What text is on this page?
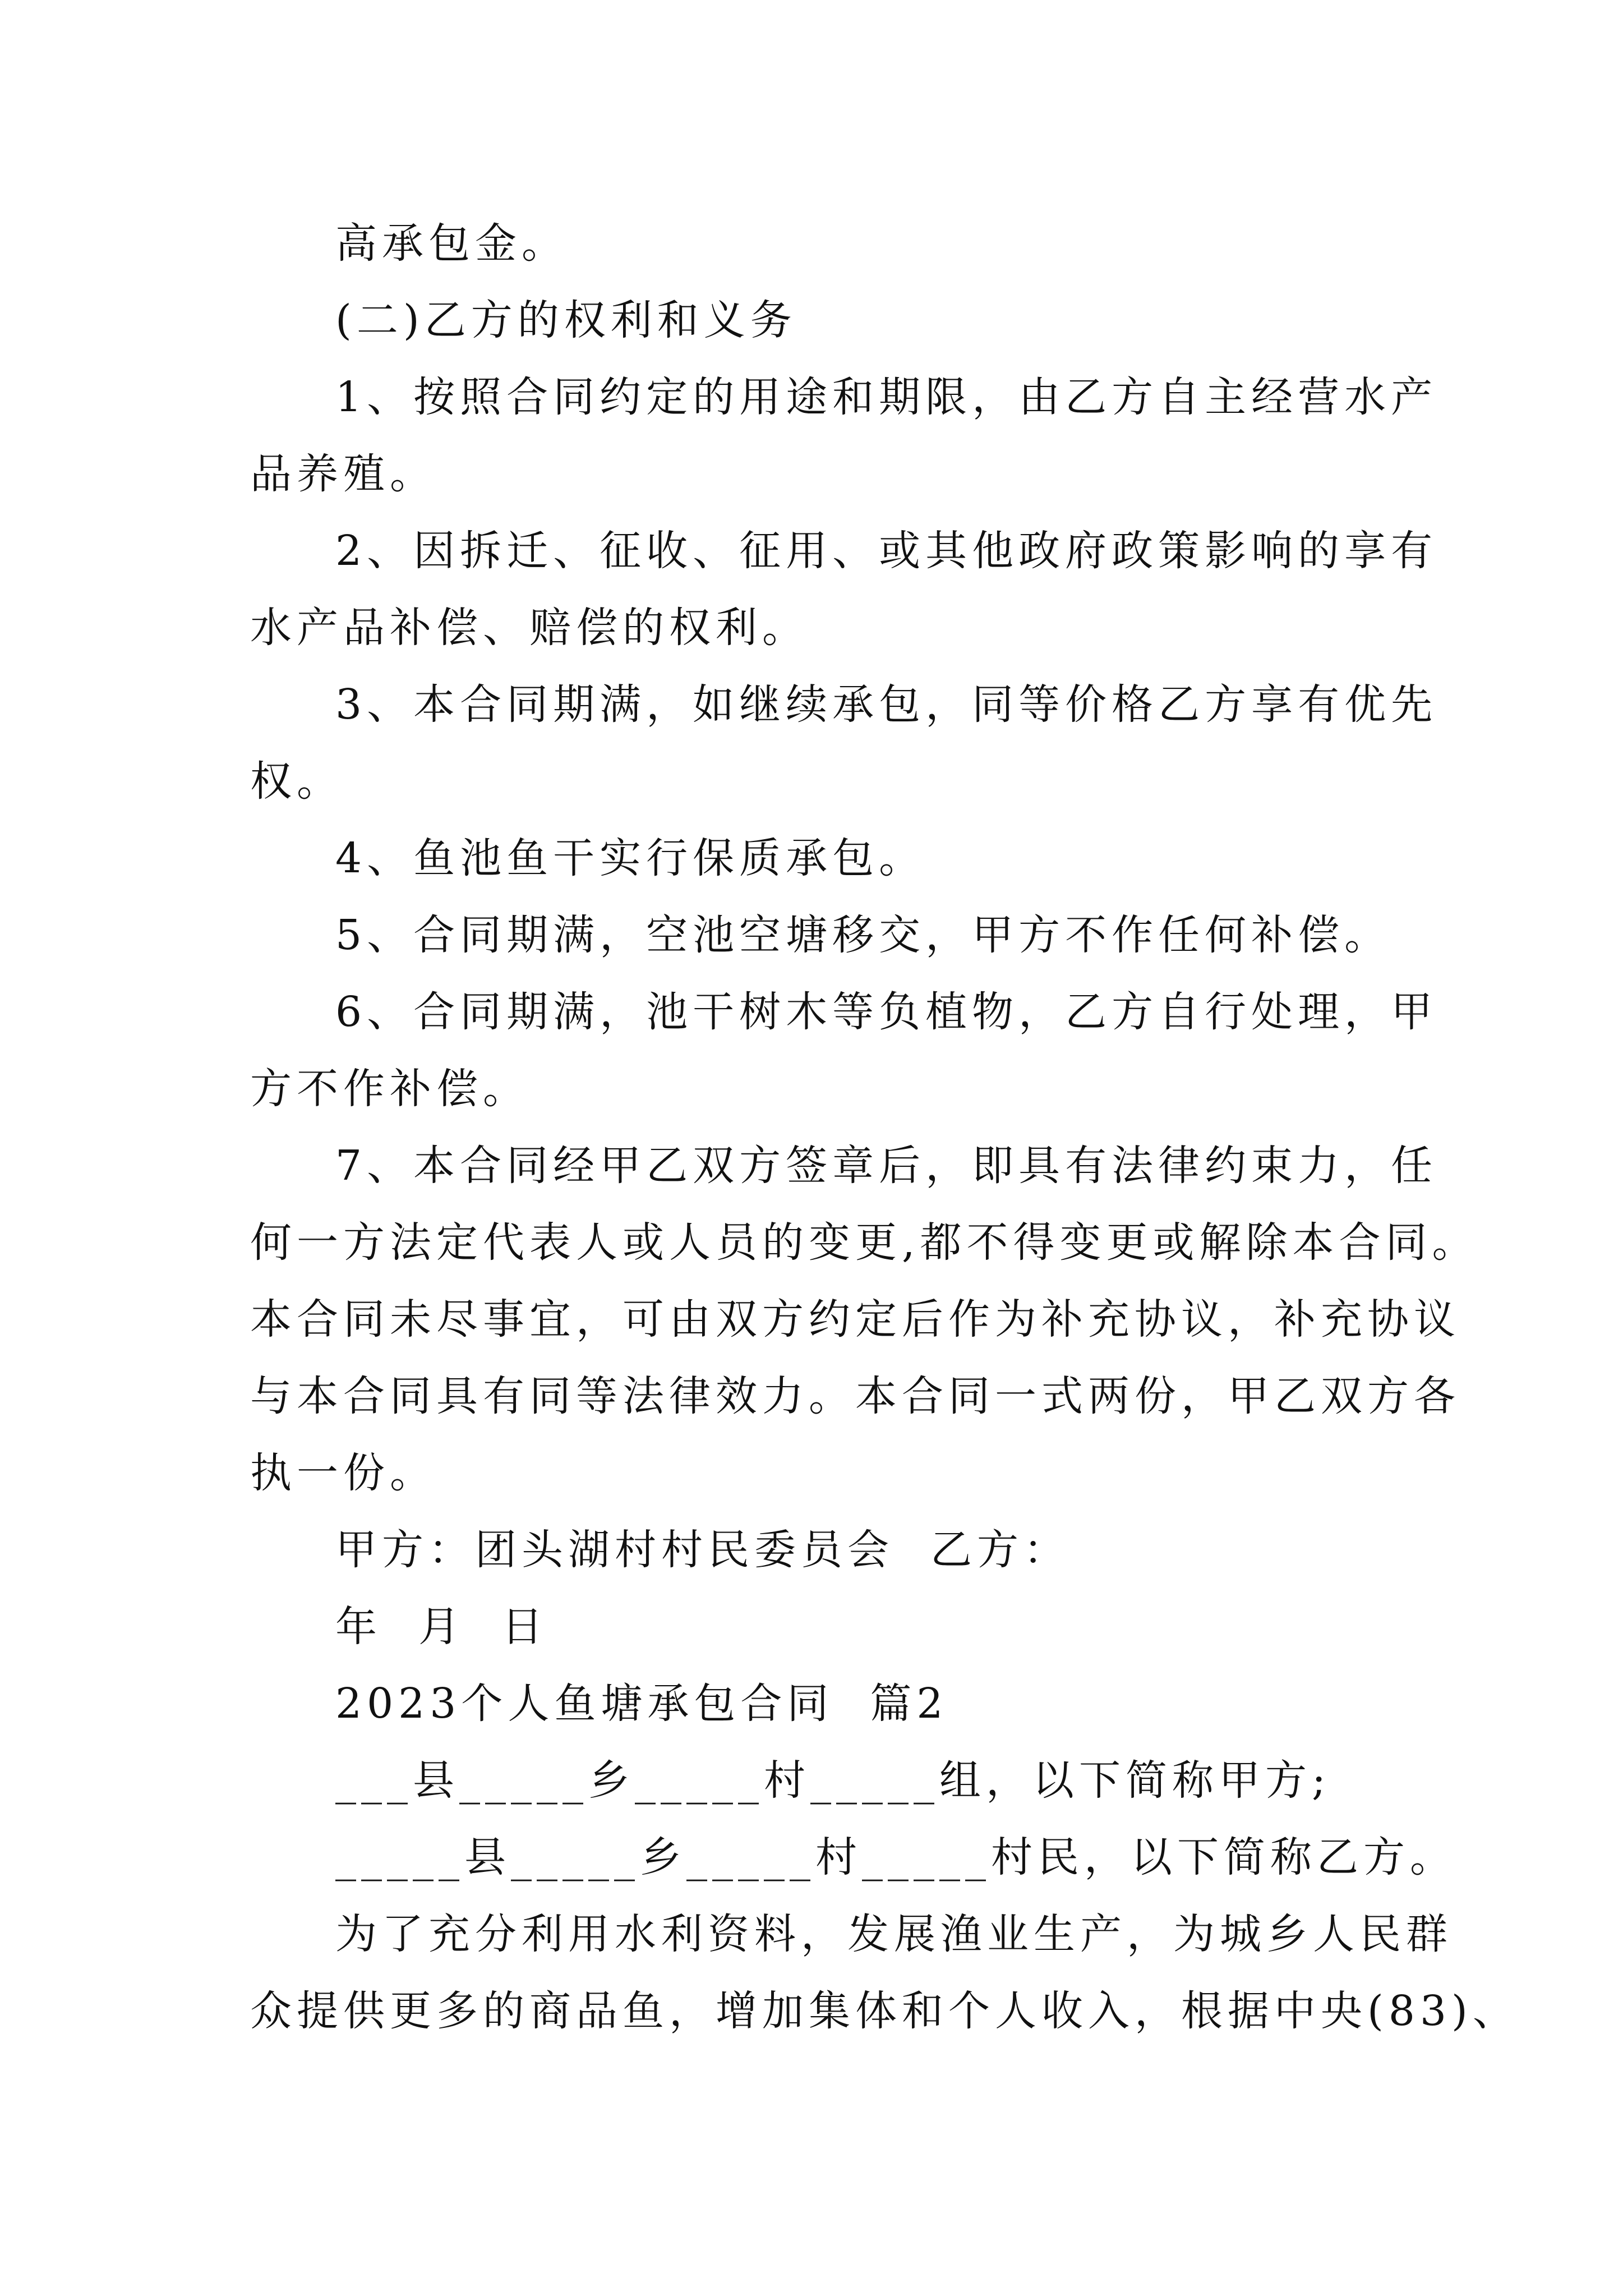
高承包金。
(二)乙方的权利和义务
1、按照合同约定的用途和期限，由乙方自主经营水产
品养殖。
2、因拆迁、征收、征用、或其他政府政策影响的享有
水产品补偿、赔偿的权利。
3、本合同期满，如继续承包，同等价格乙方享有优先
权。
4、鱼池鱼干实行保质承包。
5、合同期满，空池空塘移交，甲方不作任何补偿。
6、合同期满，池干树木等负植物，乙方自行处理，甲
方不作补偿。
7、本合同经甲乙双方签章后，即具有法律约束力，任
何一方法定代表人或人员的变更,都不得变更或解除本合同。
本合同未尽事宜，可由双方约定后作为补充协议，补充协议
与本合同具有同等法律效力。本合同一式两份，甲乙双方各
执一份。
甲方：团头湖村村民委员会  乙方：
年  月  日
2023个人鱼塘承包合同  篇2
___县_____乡_____村_____组，以下简称甲方;
_____县_____乡_____村_____村民，以下简称乙方。
为了充分利用水利资料，发展渔业生产，为城乡人民群
众提供更多的商品鱼，增加集体和个人收入，根据中央(83)、
